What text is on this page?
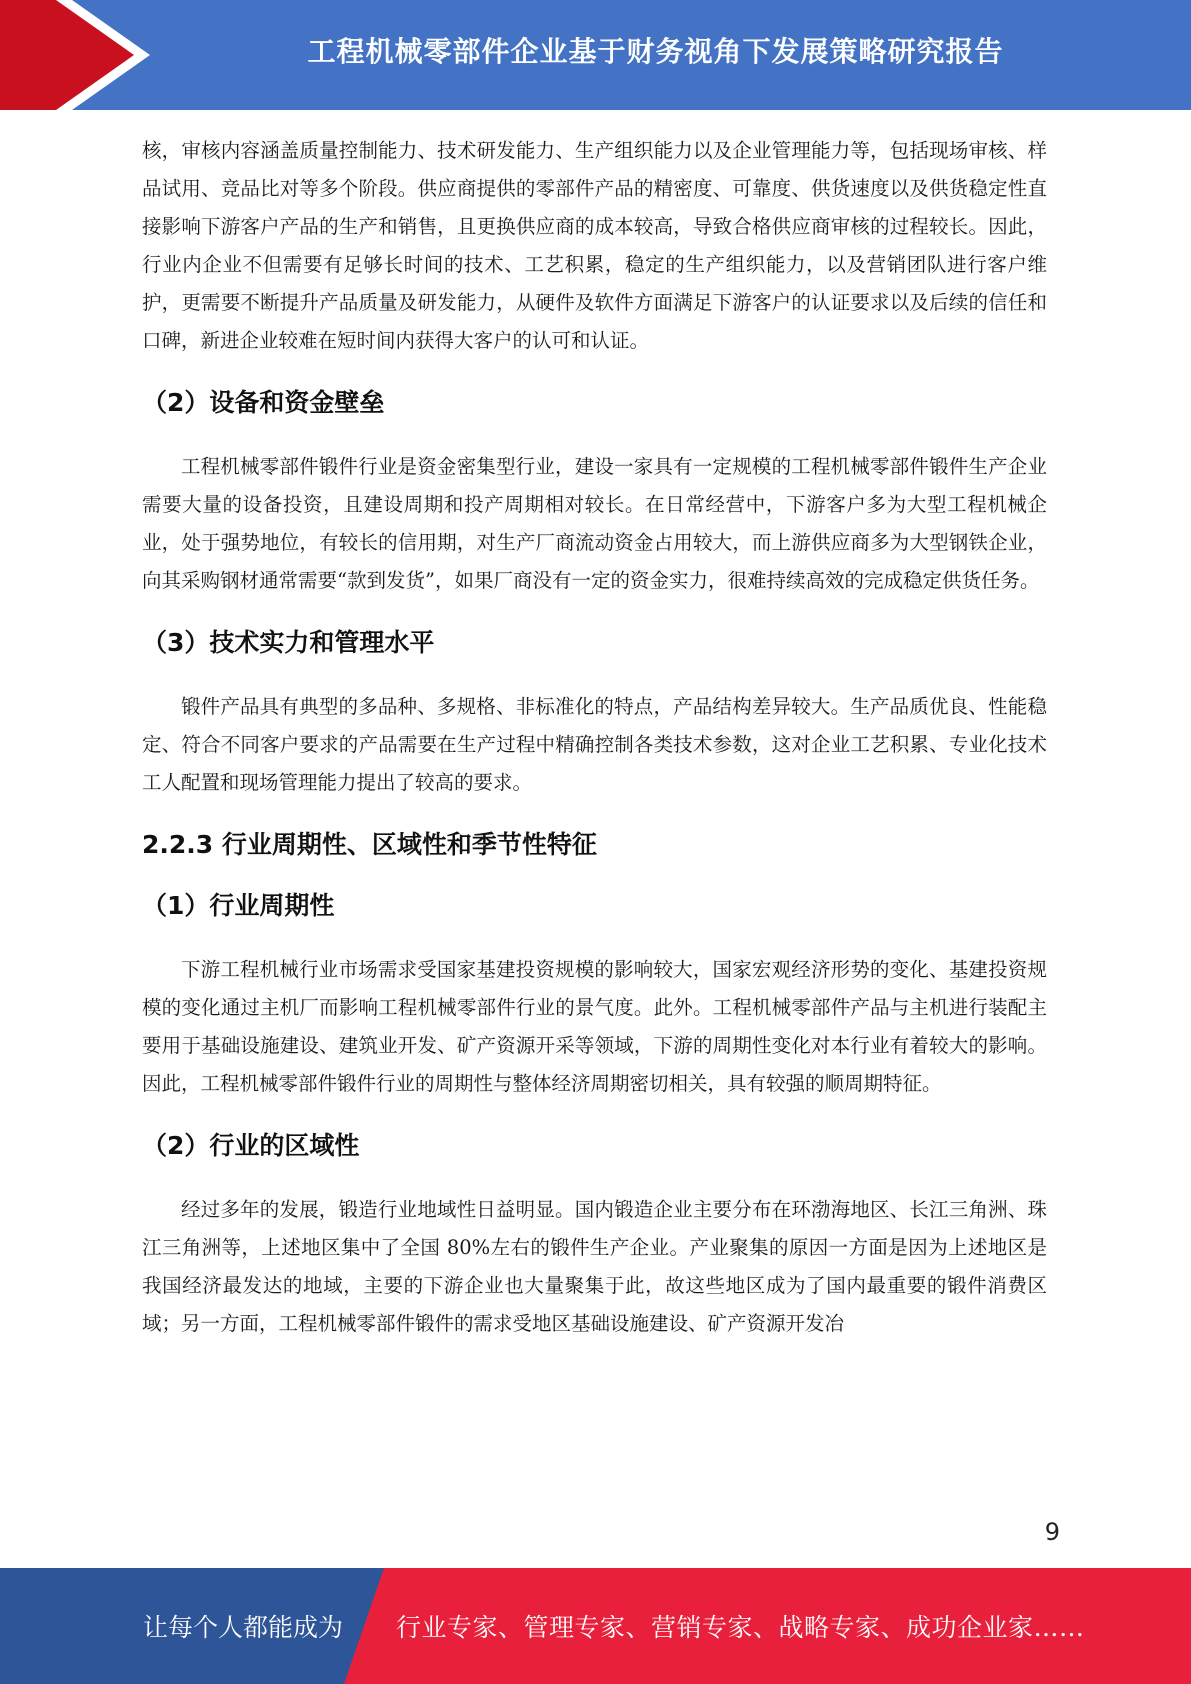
工程机械零部件企业基于财务视角下发展策略研究报告

核，审核内容涵盖质量控制能力、技术研发能力、生产组织能力以及企业管理能力等，包括现场审核、样品试用、竞品比对等多个阶段。供应商提供的零部件产品的精密度、可靠度、供货速度以及供货稳定性直接影响下游客户产品的生产和销售，且更换供应商的成本较高，导致合格供应商审核的过程较长。因此，行业内企业不但需要有足够长时间的技术、工艺积累，稳定的生产组织能力，以及营销团队进行客户维护，更需要不断提升产品质量及研发能力，从硬件及软件方面满足下游客户的认证要求以及后续的信任和口碑，新进企业较难在短时间内获得大客户的认可和认证。

（2）设备和资金壁垒

工程机械零部件锻件行业是资金密集型行业，建设一家具有一定规模的工程机械零部件锻件生产企业需要大量的设备投资，且建设周期和投产周期相对较长。在日常经营中，下游客户多为大型工程机械企业，处于强势地位，有较长的信用期，对生产厂商流动资金占用较大，而上游供应商多为大型钢铁企业，向其采购钢材通常需要“款到发货”，如果厂商没有一定的资金实力，很难持续高效的完成稳定供货任务。

（3）技术实力和管理水平

锻件产品具有典型的多品种、多规格、非标准化的特点，产品结构差异较大。生产品质优良、性能稳定、符合不同客户要求的产品需要在生产过程中精确控制各类技术参数，这对企业工艺积累、专业化技术工人配置和现场管理能力提出了较高的要求。

2.2.3 行业周期性、区域性和季节性特征
（1）行业周期性

下游工程机械行业市场需求受国家基建投资规模的影响较大，国家宏观经济形势的变化、基建投资规模的变化通过主机厂而影响工程机械零部件行业的景气度。此外。工程机械零部件产品与主机进行装配主要用于基础设施建设、建筑业开发、矿产资源开采等领域，下游的周期性变化对本行业有着较大的影响。因此，工程机械零部件锻件行业的周期性与整体经济周期密切相关，具有较强的顺周期特征。

（2）行业的区域性

经过多年的发展，锻造行业地域性日益明显。国内锻造企业主要分布在环渤海地区、长江三角洲、珠江三角洲等，上述地区集中了全国 80%左右的锻件生产企业。产业聚集的原因一方面是因为上述地区是我国经济最发达的地域，主要的下游企业也大量聚集于此，故这些地区成为了国内最重要的锻件消费区域；另一方面，工程机械零部件锻件的需求受地区基础设施建设、矿产资源开发冶

9
让每个人都能成为 行业专家、管理专家、营销专家、战略专家、成功企业家……
